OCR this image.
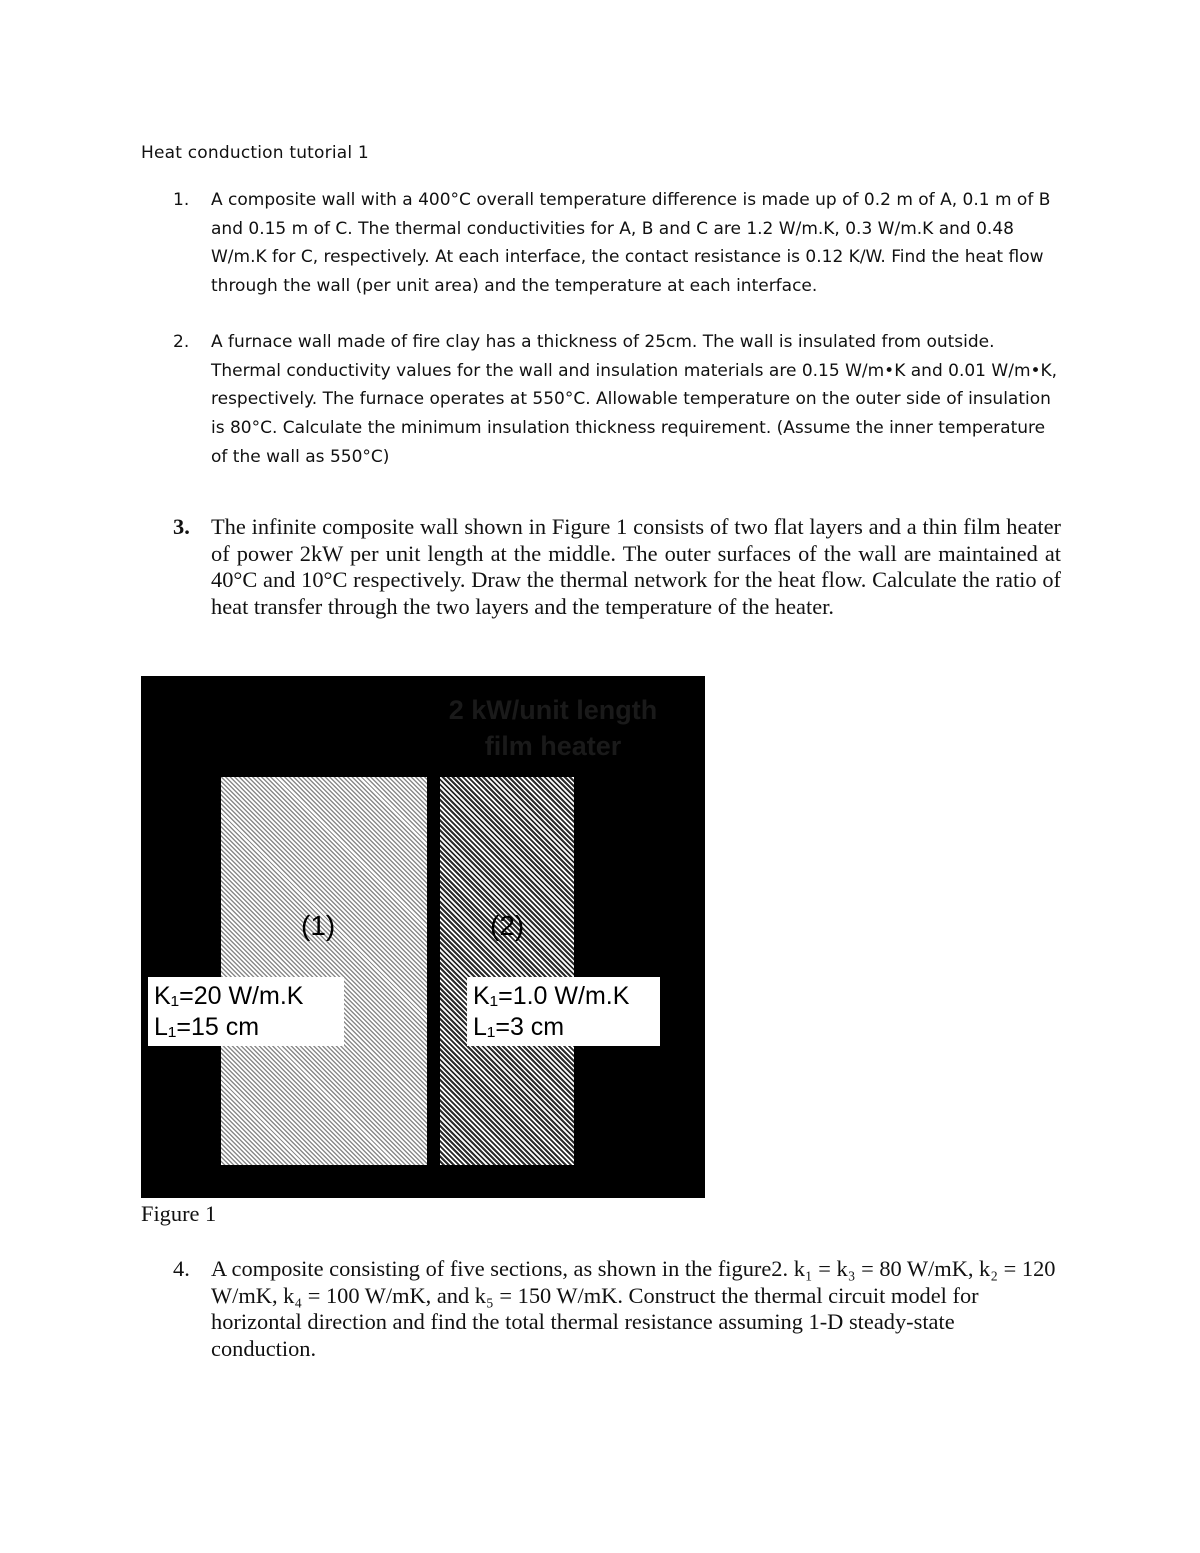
Heat conduction tutorial 1
1. A composite wall with a 400°C overall temperature difference is made up of 0.2 m of A, 0.1 m of B and 0.15 m of C. The thermal conductivities for A, B and C are 1.2 W/m.K, 0.3 W/m.K and 0.48 W/m.K for C, respectively. At each interface, the contact resistance is 0.12 K/W. Find the heat flow through the wall (per unit area) and the temperature at each interface.
2. A furnace wall made of fire clay has a thickness of 25cm. The wall is insulated from outside. Thermal conductivity values for the wall and insulation materials are 0.15 W/m•K and 0.01 W/m•K, respectively. The furnace operates at 550°C. Allowable temperature on the outer side of insulation is 80°C. Calculate the minimum insulation thickness requirement. (Assume the inner temperature of the wall as 550°C)
3. The infinite composite wall shown in Figure 1 consists of two flat layers and a thin film heater of power 2kW per unit length at the middle. The outer surfaces of the wall are maintained at 40°C and 10°C respectively. Draw the thermal network for the heat flow. Calculate the ratio of heat transfer through the two layers and the temperature of the heater.
2 kW/unit length
film heater
(1)	(2)
K₁=20 W/m.K
L₁=15 cm
K₁=1.0 W/m.K
L₁=3 cm
Figure 1
4. A composite consisting of five sections, as shown in the figure2. k₁ = k₃ = 80 W/mK, k₂ = 120 W/mK, k₄ = 100 W/mK, and k₅ = 150 W/mK. Construct the thermal circuit model for horizontal direction and find the total thermal resistance assuming 1-D steady-state conduction.
